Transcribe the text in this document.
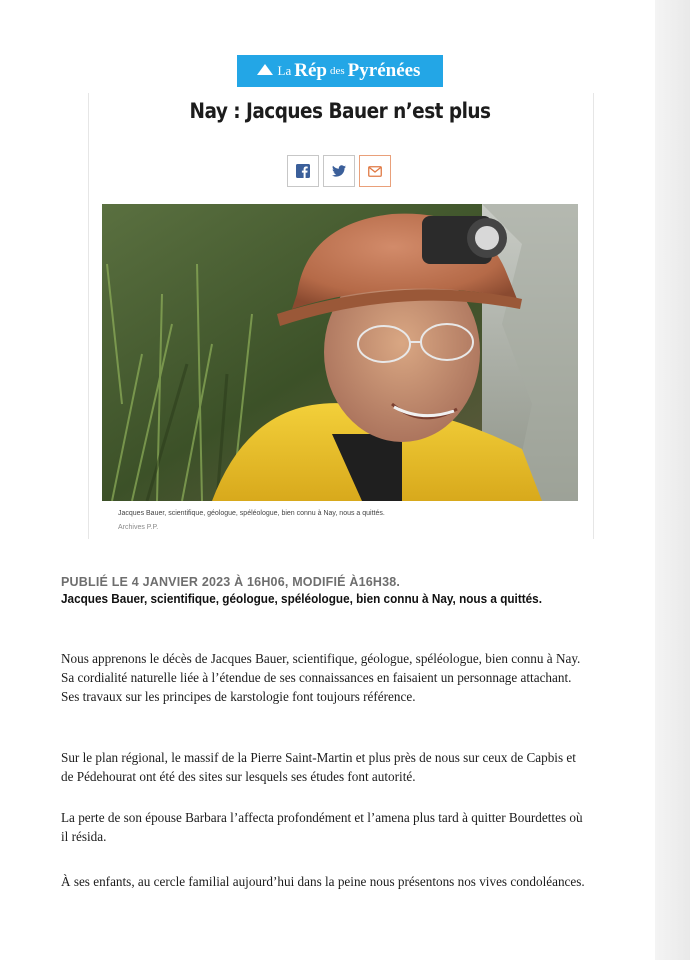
La Rép des Pyrénées
Nay : Jacques Bauer n’est plus
Jacques Bauer, scientifique, géologue, spéléologue, bien connu à Nay, nous a quittés.
Archives P.P.
PUBLIÉ LE 4 JANVIER 2023 À 16H06, MODIFIÉ À16H38.
Jacques Bauer, scientifique, géologue, spéléologue, bien connu à Nay, nous a quittés.
Nous apprenons le décès de Jacques Bauer, scientifique, géologue, spéléologue, bien connu à Nay.
Sa cordialité naturelle liée à l’étendue de ses connaissances en faisaient un personnage attachant.
Ses travaux sur les principes de karstologie font toujours référence.
Sur le plan régional, le massif de la Pierre Saint-Martin et plus près de nous sur ceux de Capbis et
de Pédehourat ont été des sites sur lesquels ses études font autorité.
La perte de son épouse Barbara l’affecta profondément et l’amena plus tard à quitter Bourdettes où
il résida.
À ses enfants, au cercle familial aujourd’hui dans la peine nous présentons nos vives condoléances.
